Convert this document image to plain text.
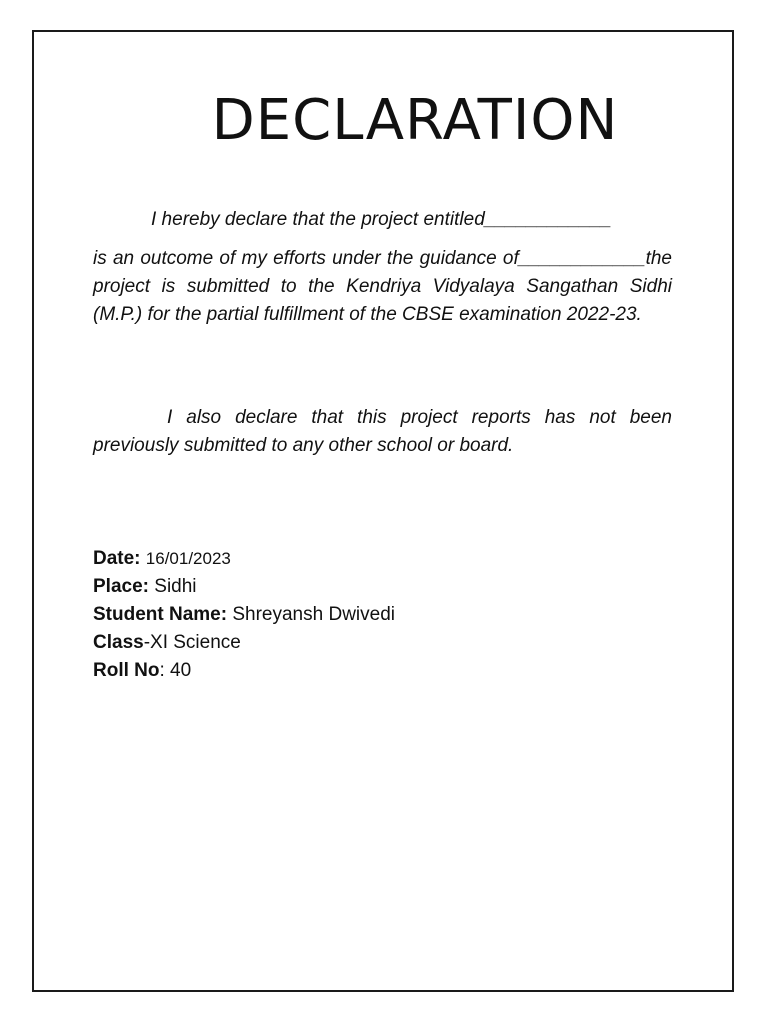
DECLARATION

I hereby declare that the project entitled____________

is an outcome of my efforts under the guidance of____________the project is submitted to the Kendriya Vidyalaya Sangathan Sidhi (M.P.) for the partial fulfillment of the CBSE examination 2022-23.

I also declare that this project reports has not been previously submitted to any other school or board.

Date: 16/01/2023
Place: Sidhi
Student Name: Shreyansh Dwivedi
Class-XI Science
Roll No: 40
